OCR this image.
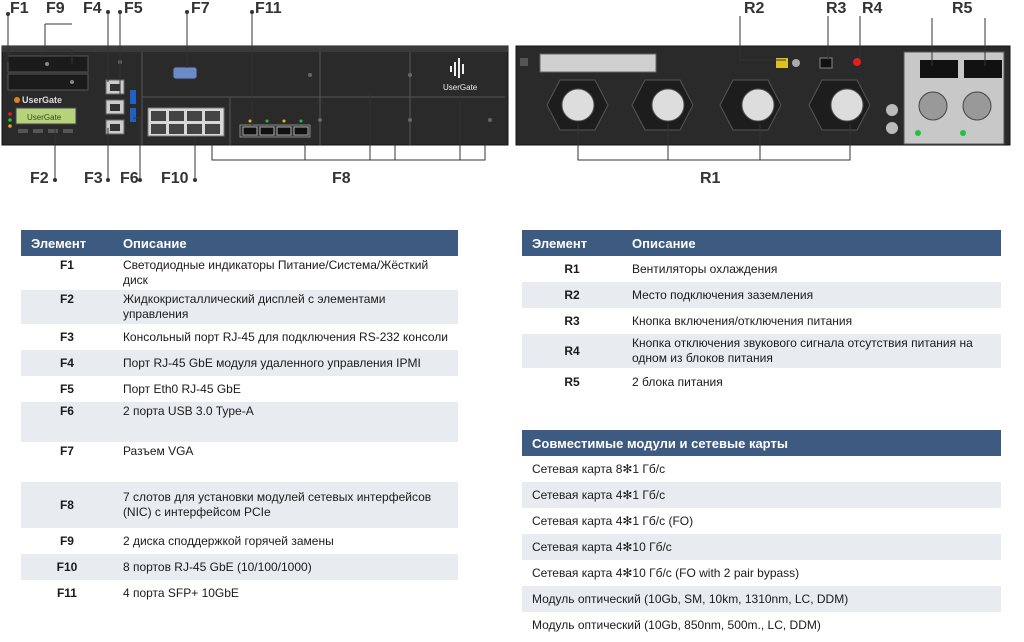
UserGate
UserGate
UserGate
F1 F9 F4 F5	F7	F11
F2 F3 F6 F10	F8
R2	R3 R4	R5
R1
Элемент	Описание
F1	Светодиодные индикаторы Питание/Система/Жёсткий
диск
F2	Жидкокристаллический дисплей с элементами
управления
F3	Консольный порт RJ-45 для подключения RS-232 консоли
F4	Порт RJ-45 GbE модуля удаленного управления IPMI
F5	Порт Eth0 RJ-45 GbE
F6	2 порта USB 3.0 Type-A
F7	Разъем VGA
F8	7 слотов для установки модулей сетевых интерфейсов
(NIC) с интерфейсом PCIe
F9	2 диска споддержкой горячей замены
F10	8 портов RJ-45 GbE (10/100/1000)
F11	4 порта SFP+ 10GbE
Элемент	Описание
R1	Вентиляторы охлаждения
R2	Место подключения заземления
R3	Кнопка включения/отключения питания
R4	Кнопка отключения звукового сигнала отсутствия питания на
одном из блоков питания
R5	2 блока питания
Совместимые модули и сетевые карты
Сетевая карта 8✻1 Гб/с
Сетевая карта 4✻1 Гб/с
Сетевая карта 4✻1 Гб/с (FO)
Сетевая карта 4✻10 Гб/с
Сетевая карта 4✻10 Гб/с (FO with 2 pair bypass)
Модуль оптический (10Gb, SM, 10km, 1310nm, LC, DDM)
Модуль оптический (10Gb, 850nm, 500m., LC, DDM)
